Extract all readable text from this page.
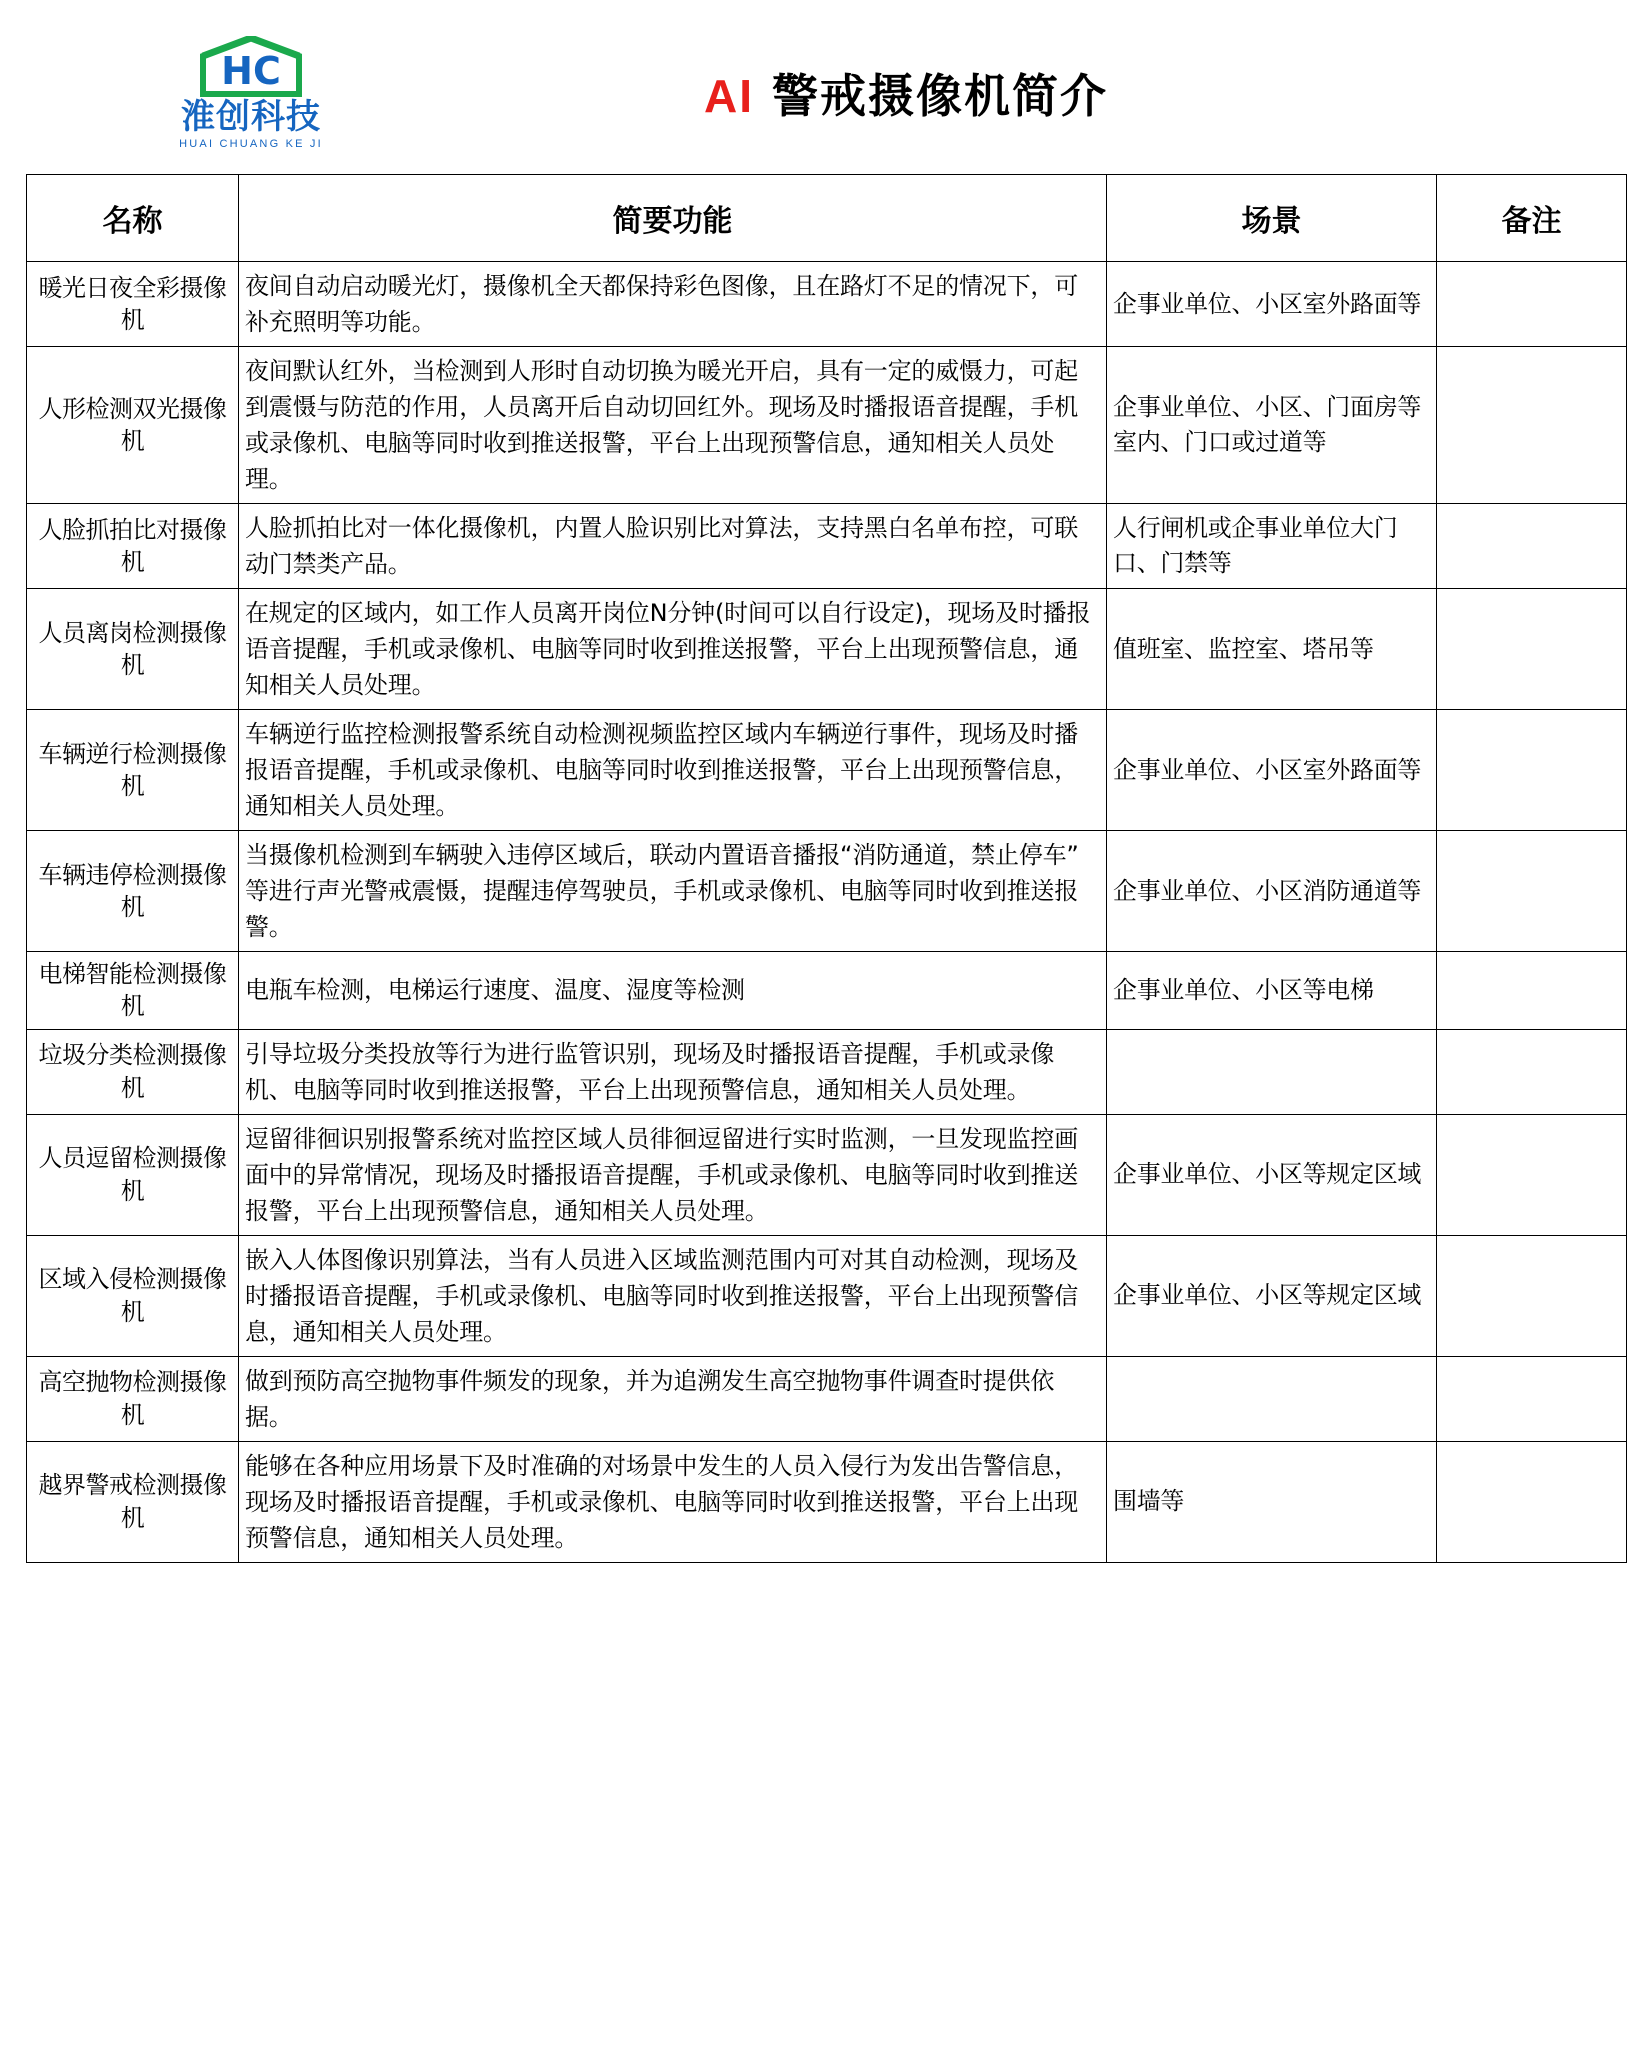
HC
淮创科技
HUAI CHUANG KE JI
AI 警戒摄像机简介
名称	简要功能	场景	备注
暖光日夜全彩摄像机	夜间自动启动暖光灯，摄像机全天都保持彩色图像，且在路灯不足的情况下，可补充照明等功能。	企事业单位、小区室外路面等	
人形检测双光摄像机	夜间默认红外，当检测到人形时自动切换为暖光开启，具有一定的威慑力，可起到震慑与防范的作用，人员离开后自动切回红外。现场及时播报语音提醒，手机或录像机、电脑等同时收到推送报警，平台上出现预警信息，通知相关人员处理。	企事业单位、小区、门面房等室内、门口或过道等	
人脸抓拍比对摄像机	人脸抓拍比对一体化摄像机，内置人脸识别比对算法，支持黑白名单布控，可联动门禁类产品。	人行闸机或企事业单位大门口、门禁等	
人员离岗检测摄像机	在规定的区域内，如工作人员离开岗位N分钟(时间可以自行设定)，现场及时播报语音提醒，手机或录像机、电脑等同时收到推送报警，平台上出现预警信息，通知相关人员处理。	值班室、监控室、塔吊等	
车辆逆行检测摄像机	车辆逆行监控检测报警系统自动检测视频监控区域内车辆逆行事件，现场及时播报语音提醒，手机或录像机、电脑等同时收到推送报警，平台上出现预警信息，通知相关人员处理。	企事业单位、小区室外路面等	
车辆违停检测摄像机	当摄像机检测到车辆驶入违停区域后，联动内置语音播报“消防通道，禁止停车”等进行声光警戒震慑，提醒违停驾驶员，手机或录像机、电脑等同时收到推送报警。	企事业单位、小区消防通道等	
电梯智能检测摄像机	电瓶车检测，电梯运行速度、温度、湿度等检测	企事业单位、小区等电梯	
垃圾分类检测摄像机	引导垃圾分类投放等行为进行监管识别，现场及时播报语音提醒，手机或录像机、电脑等同时收到推送报警，平台上出现预警信息，通知相关人员处理。		
人员逗留检测摄像机	逗留徘徊识别报警系统对监控区域人员徘徊逗留进行实时监测，一旦发现监控画面中的异常情况，现场及时播报语音提醒，手机或录像机、电脑等同时收到推送报警，平台上出现预警信息，通知相关人员处理。	企事业单位、小区等规定区域	
区域入侵检测摄像机	嵌入人体图像识别算法，当有人员进入区域监测范围内可对其自动检测，现场及时播报语音提醒，手机或录像机、电脑等同时收到推送报警，平台上出现预警信息，通知相关人员处理。	企事业单位、小区等规定区域	
高空抛物检测摄像机	做到预防高空抛物事件频发的现象，并为追溯发生高空抛物事件调查时提供依据。		
越界警戒检测摄像机	能够在各种应用场景下及时准确的对场景中发生的人员入侵行为发出告警信息，现场及时播报语音提醒，手机或录像机、电脑等同时收到推送报警，平台上出现预警信息，通知相关人员处理。	围墙等	
